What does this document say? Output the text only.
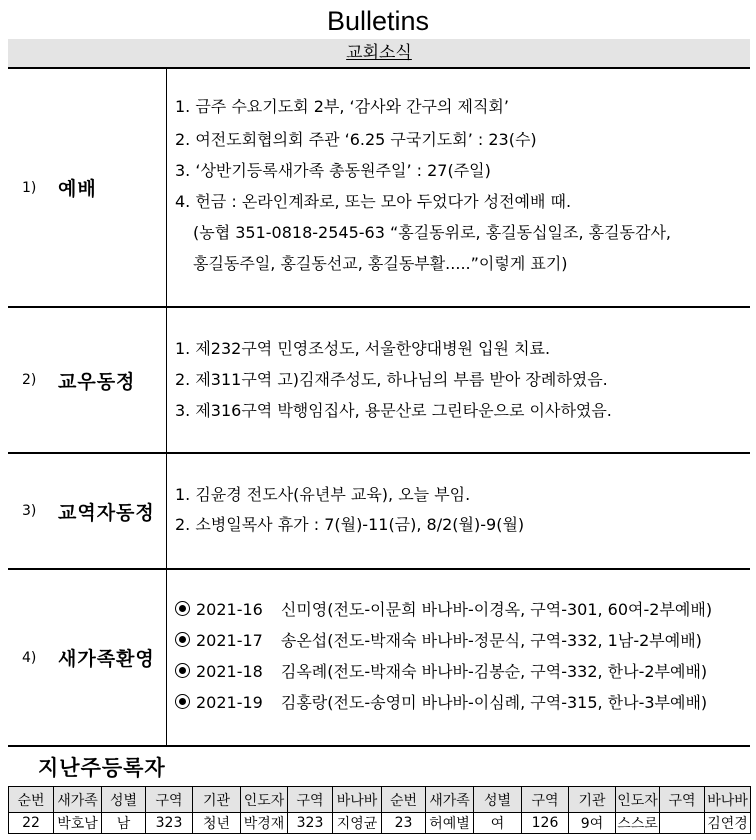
Bulletins
교회소식
1)	예배
1. 금주 수요기도회 2부, ‘감사와 간구의 제직회’
2. 여전도회협의회 주관 ‘6.25 구국기도회’ : 23(수)
3. ‘상반기등록새가족 총동원주일’ : 27(주일)
4. 헌금 : 온라인계좌로, 또는 모아 두었다가 성전예배 때.
(농협 351-0818-2545-63 “홍길동위로, 홍길동십일조, 홍길동감사,
홍길동주일, 홍길동선교, 홍길동부활.....”이렇게 표기)
2)	교우동정
1. 제232구역 민영조성도, 서울한양대병원 입원 치료.
2. 제311구역 고)김재주성도, 하나님의 부름 받아 장례하였음.
3. 제316구역 박행임집사, 용문산로 그린타운으로 이사하였음.
3)	교역자동정
1. 김윤경 전도사(유년부 교육), 오늘 부임.
2. 소병일목사 휴가 : 7(월)-11(금), 8/2(월)-9(월)
4)	새가족환영
2021-16 신미영(전도-이문희 바나바-이경옥, 구역-301, 60여-2부예배)
2021-17 송온섭(전도-박재숙 바나바-정문식, 구역-332, 1남-2부예배)
2021-18 김옥례(전도-박재숙 바나바-김봉순, 구역-332, 한나-2부예배)
2021-19 김홍랑(전도-송영미 바나바-이심례, 구역-315, 한나-3부예배)
지난주등록자
순번	새가족	성별	구역	기관	인도자	구역	바나바	순번	새가족	성별	구역	기관	인도자	구역	바나바
22	박호남	남	323	청년	박경재	323	지영균	23	허예별	여	126	9여	스스로		김연경
